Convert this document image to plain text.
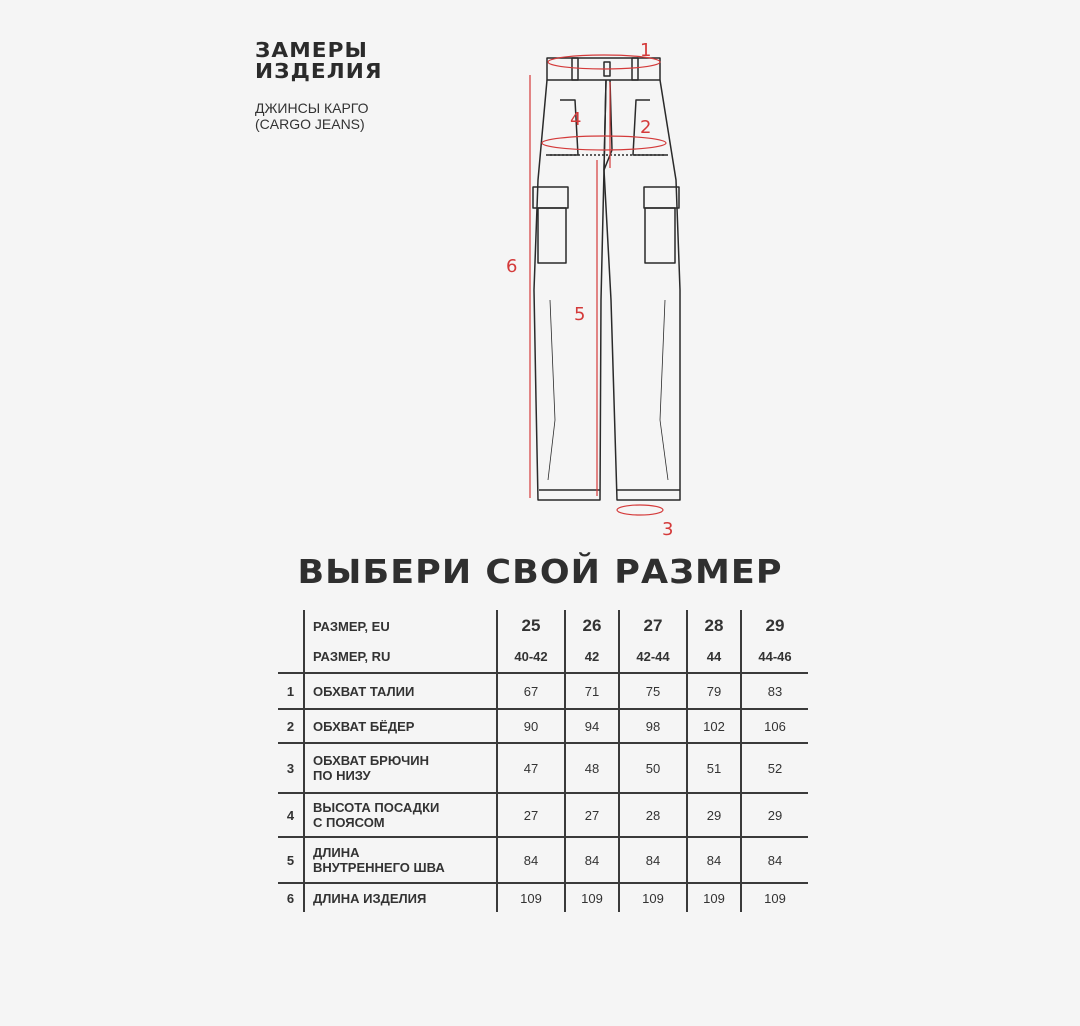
ЗАМЕРЫ
ИЗДЕЛИЯ
ДЖИНСЫ КАРГО
(CARGO JEANS)
1
2
3
4
5
6
ВЫБЕРИ СВОЙ РАЗМЕР
	РАЗМЕР, EU	25	26	27	28	29
	РАЗМЕР, RU	40-42	42	42-44	44	44-46
1	ОБХВАТ ТАЛИИ	67	71	75	79	83
2	ОБХВАТ БЁДЕР	90	94	98	102	106
3	ОБХВАТ БРЮЧИН
ПО НИЗУ	47	48	50	51	52
4	ВЫСОТА ПОСАДКИ
С ПОЯСОМ	27	27	28	29	29
5	ДЛИНА
ВНУТРЕННЕГО ШВА	84	84	84	84	84
6	ДЛИНА ИЗДЕЛИЯ	109	109	109	109	109
